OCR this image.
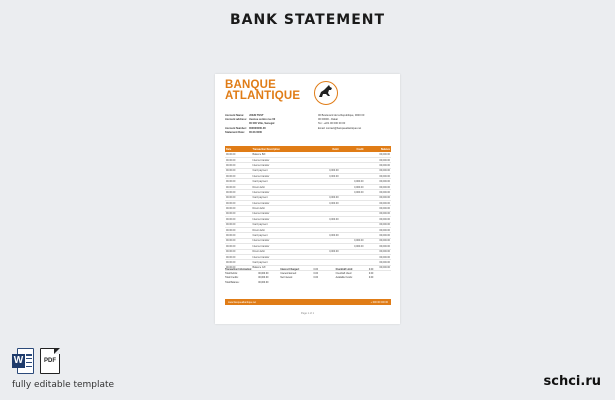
BANK STATEMENT
BANQUE
ATLANTIQUE
Account Name:	JOHN TEST
Account address: Avenue centre rue 00
00 000 Ville, Senegal
Account Number: 000000000-00
Statement Date:	00.00.0000
00 Boulevard de la Republique, 0000 00
00 00000 - Dakar
Tel.: +221 00 000 00 00
Email: contact@banqueatlantique.net
Date	Transaction Description	Debit	Credit	Balance
00.00.00	Balance B/F			00,000.00
00.00.00	Internet transfer			00,000.00
00.00.00	Internet transfer			00,000.00
00.00.00	Card payment	0,000.00		00,000.00
00.00.00	Internet transfer	0,000.00		00,000.00
00.00.00	Card payment		0,000.00	00,000.00
00.00.00	Direct debit		0,000.00	00,000.00
00.00.00	Internet transfer		0,000.00	00,000.00
00.00.00	Card payment	0,000.00		00,000.00
00.00.00	Internet transfer	0,000.00		00,000.00
00.00.00	Direct debit			00,000.00
00.00.00	Internet transfer			00,000.00
00.00.00	Internet transfer	0,000.00		00,000.00
00.00.00	Card payment			00,000.00
00.00.00	Direct debit			00,000.00
00.00.00	Card payment	0,000.00		00,000.00
00.00.00	Internet transfer		0,000.00	00,000.00
00.00.00	Internet transfer		0,000.00	00,000.00
00.00.00	Direct debit	0,000.00		00,000.00
00.00.00	Internet transfer			00,000.00
00.00.00	Card payment			00,000.00
00.00.00	Balance C/F			00,000.00
Transaction Information:
Total Debits:	00,000.00
Total Credits:	00,000.00
Total Balance:	00,000.00
Interest Charged:	0.00
Interest Earned:	0.00
Net Interest:	0.00
Overdraft Limit:	0.00
Overdraft Used:	0.00
Available Funds:	0.00
www.banqueatlantique.net	+ 000 00 000 00
Page 1 of 1
W	PDF
fully editable template	schci.ru
